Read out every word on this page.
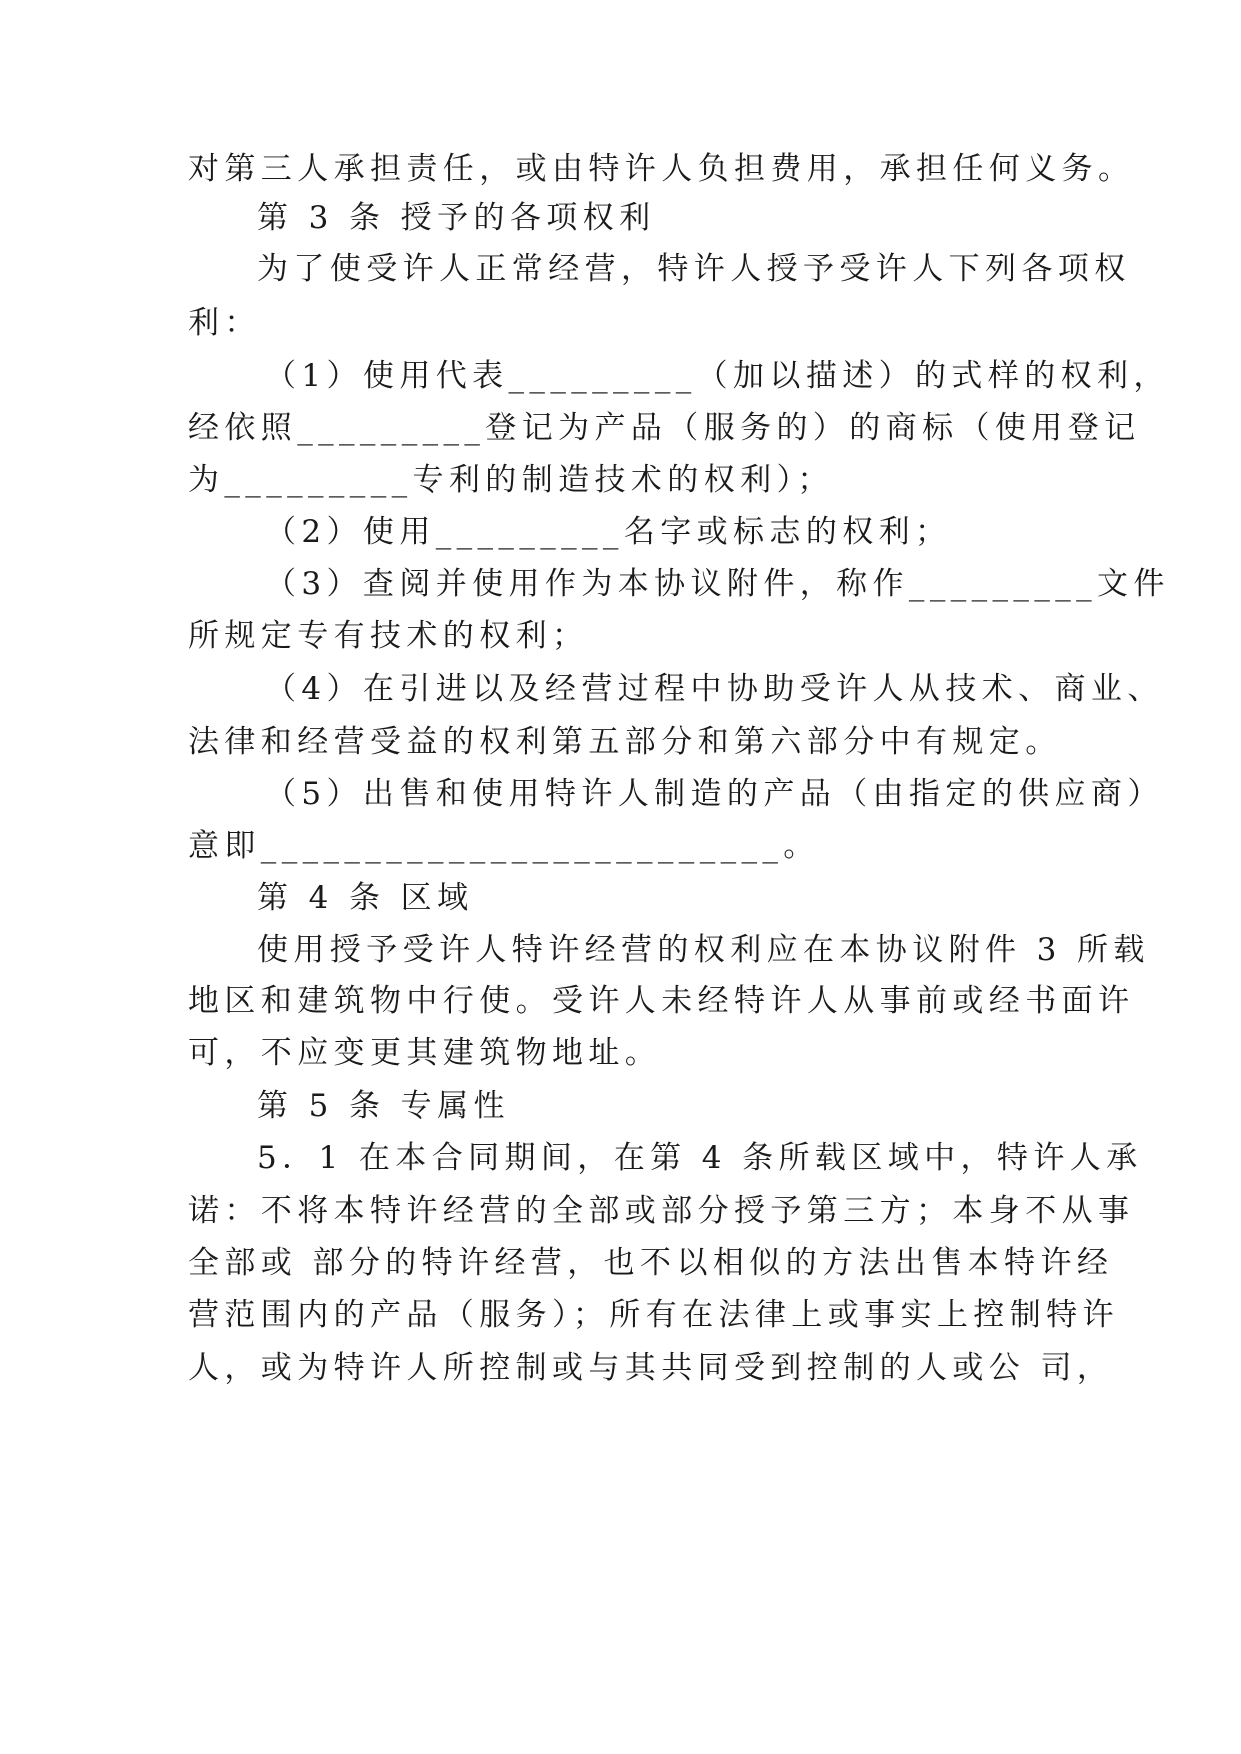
对第三人承担责任，或由特许人负担费用，承担任何义务。
第 3 条 授予的各项权利
为了使受许人正常经营，特许人授予受许人下列各项权
利：
（1）使用代表_________（加以描述）的式样的权利，
经依照_________登记为产品（服务的）的商标（使用登记
为_________专利的制造技术的权利）；
（2）使用_________名字或标志的权利；
（3）查阅并使用作为本协议附件，称作_________文件
所规定专有技术的权利；
（4）在引进以及经营过程中协助受许人从技术、商业、
法律和经营受益的权利第五部分和第六部分中有规定。
（5）出售和使用特许人制造的产品（由指定的供应商）
意即_________________________。
第 4 条 区域
使用授予受许人特许经营的权利应在本协议附件 3 所载
地区和建筑物中行使。受许人未经特许人从事前或经书面许
可，不应变更其建筑物地址。
第 5 条 专属性
5．1 在本合同期间，在第 4 条所载区域中，特许人承
诺：不将本特许经营的全部或部分授予第三方；本身不从事
全部或 部分的特许经营，也不以相似的方法出售本特许经
营范围内的产品（服务）；所有在法律上或事实上控制特许
人，或为特许人所控制或与其共同受到控制的人或公 司，
